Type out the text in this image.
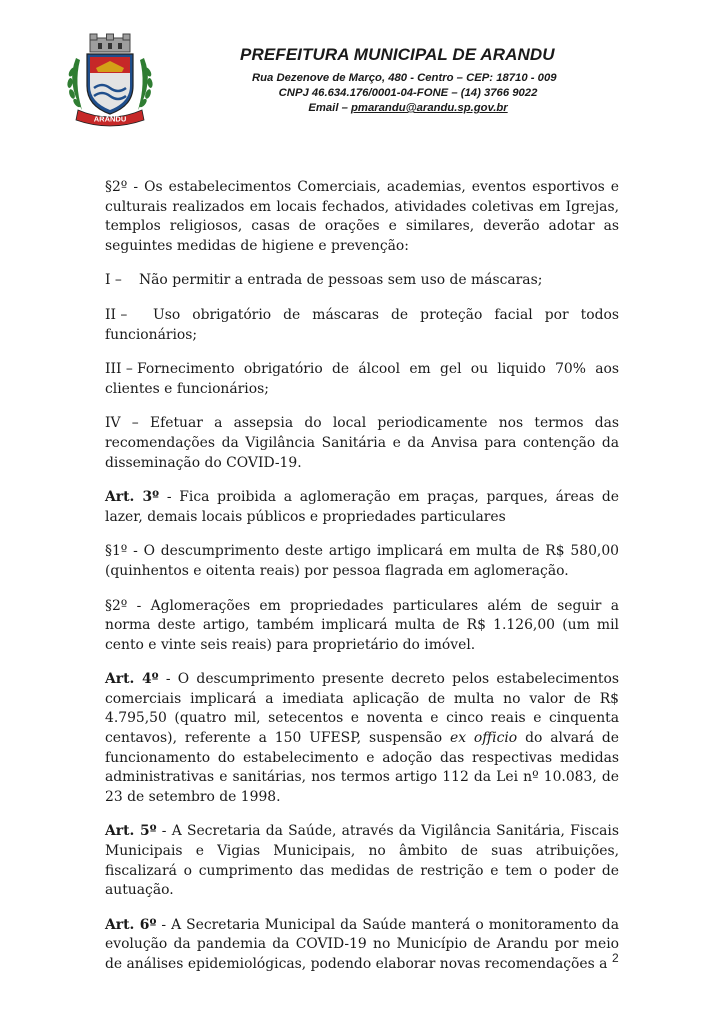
ARANDU
PREFEITURA MUNICIPAL DE ARANDU
Rua Dezenove de Março, 480 - Centro – CEP: 18710 - 009
CNPJ 46.634.176/0001-04-FONE – (14) 3766 9022
Email – pmarandu@arandu.sp.gov.br

§2º - Os estabelecimentos Comerciais, academias, eventos esportivos e culturais realizados em locais fechados, atividades coletivas em Igrejas, templos religiosos, casas de orações e similares, deverão adotar as seguintes medidas de higiene e prevenção:

I – Não permitir a entrada de pessoas sem uso de máscaras;

II – Uso obrigatório de máscaras de proteção facial por todos funcionários;

III – Fornecimento obrigatório de álcool em gel ou liquido 70% aos clientes e funcionários;

IV – Efetuar a assepsia do local periodicamente nos termos das recomendações da Vigilância Sanitária e da Anvisa para contenção da disseminação do COVID-19.

Art. 3º - Fica proibida a aglomeração em praças, parques, áreas de lazer, demais locais públicos e propriedades particulares

§1º - O descumprimento deste artigo implicará em multa de R$ 580,00 (quinhentos e oitenta reais) por pessoa flagrada em aglomeração.

§2º - Aglomerações em propriedades particulares além de seguir a norma deste artigo, também implicará multa de R$ 1.126,00 (um mil cento e vinte seis reais) para proprietário do imóvel.

Art. 4º - O descumprimento presente decreto pelos estabelecimentos comerciais implicará a imediata aplicação de multa no valor de R$ 4.795,50 (quatro mil, setecentos e noventa e cinco reais e cinquenta centavos), referente a 150 UFESP, suspensão ex officio do alvará de funcionamento do estabelecimento e adoção das respectivas medidas administrativas e sanitárias, nos termos artigo 112 da Lei nº 10.083, de 23 de setembro de 1998.

Art. 5º - A Secretaria da Saúde, através da Vigilância Sanitária, Fiscais Municipais e Vigias Municipais, no âmbito de suas atribuições, fiscalizará o cumprimento das medidas de restrição e tem o poder de autuação.

Art. 6º - A Secretaria Municipal da Saúde manterá o monitoramento da evolução da pandemia da COVID-19 no Município de Arandu por meio de análises epidemiológicas, podendo elaborar novas recomendações a 2
